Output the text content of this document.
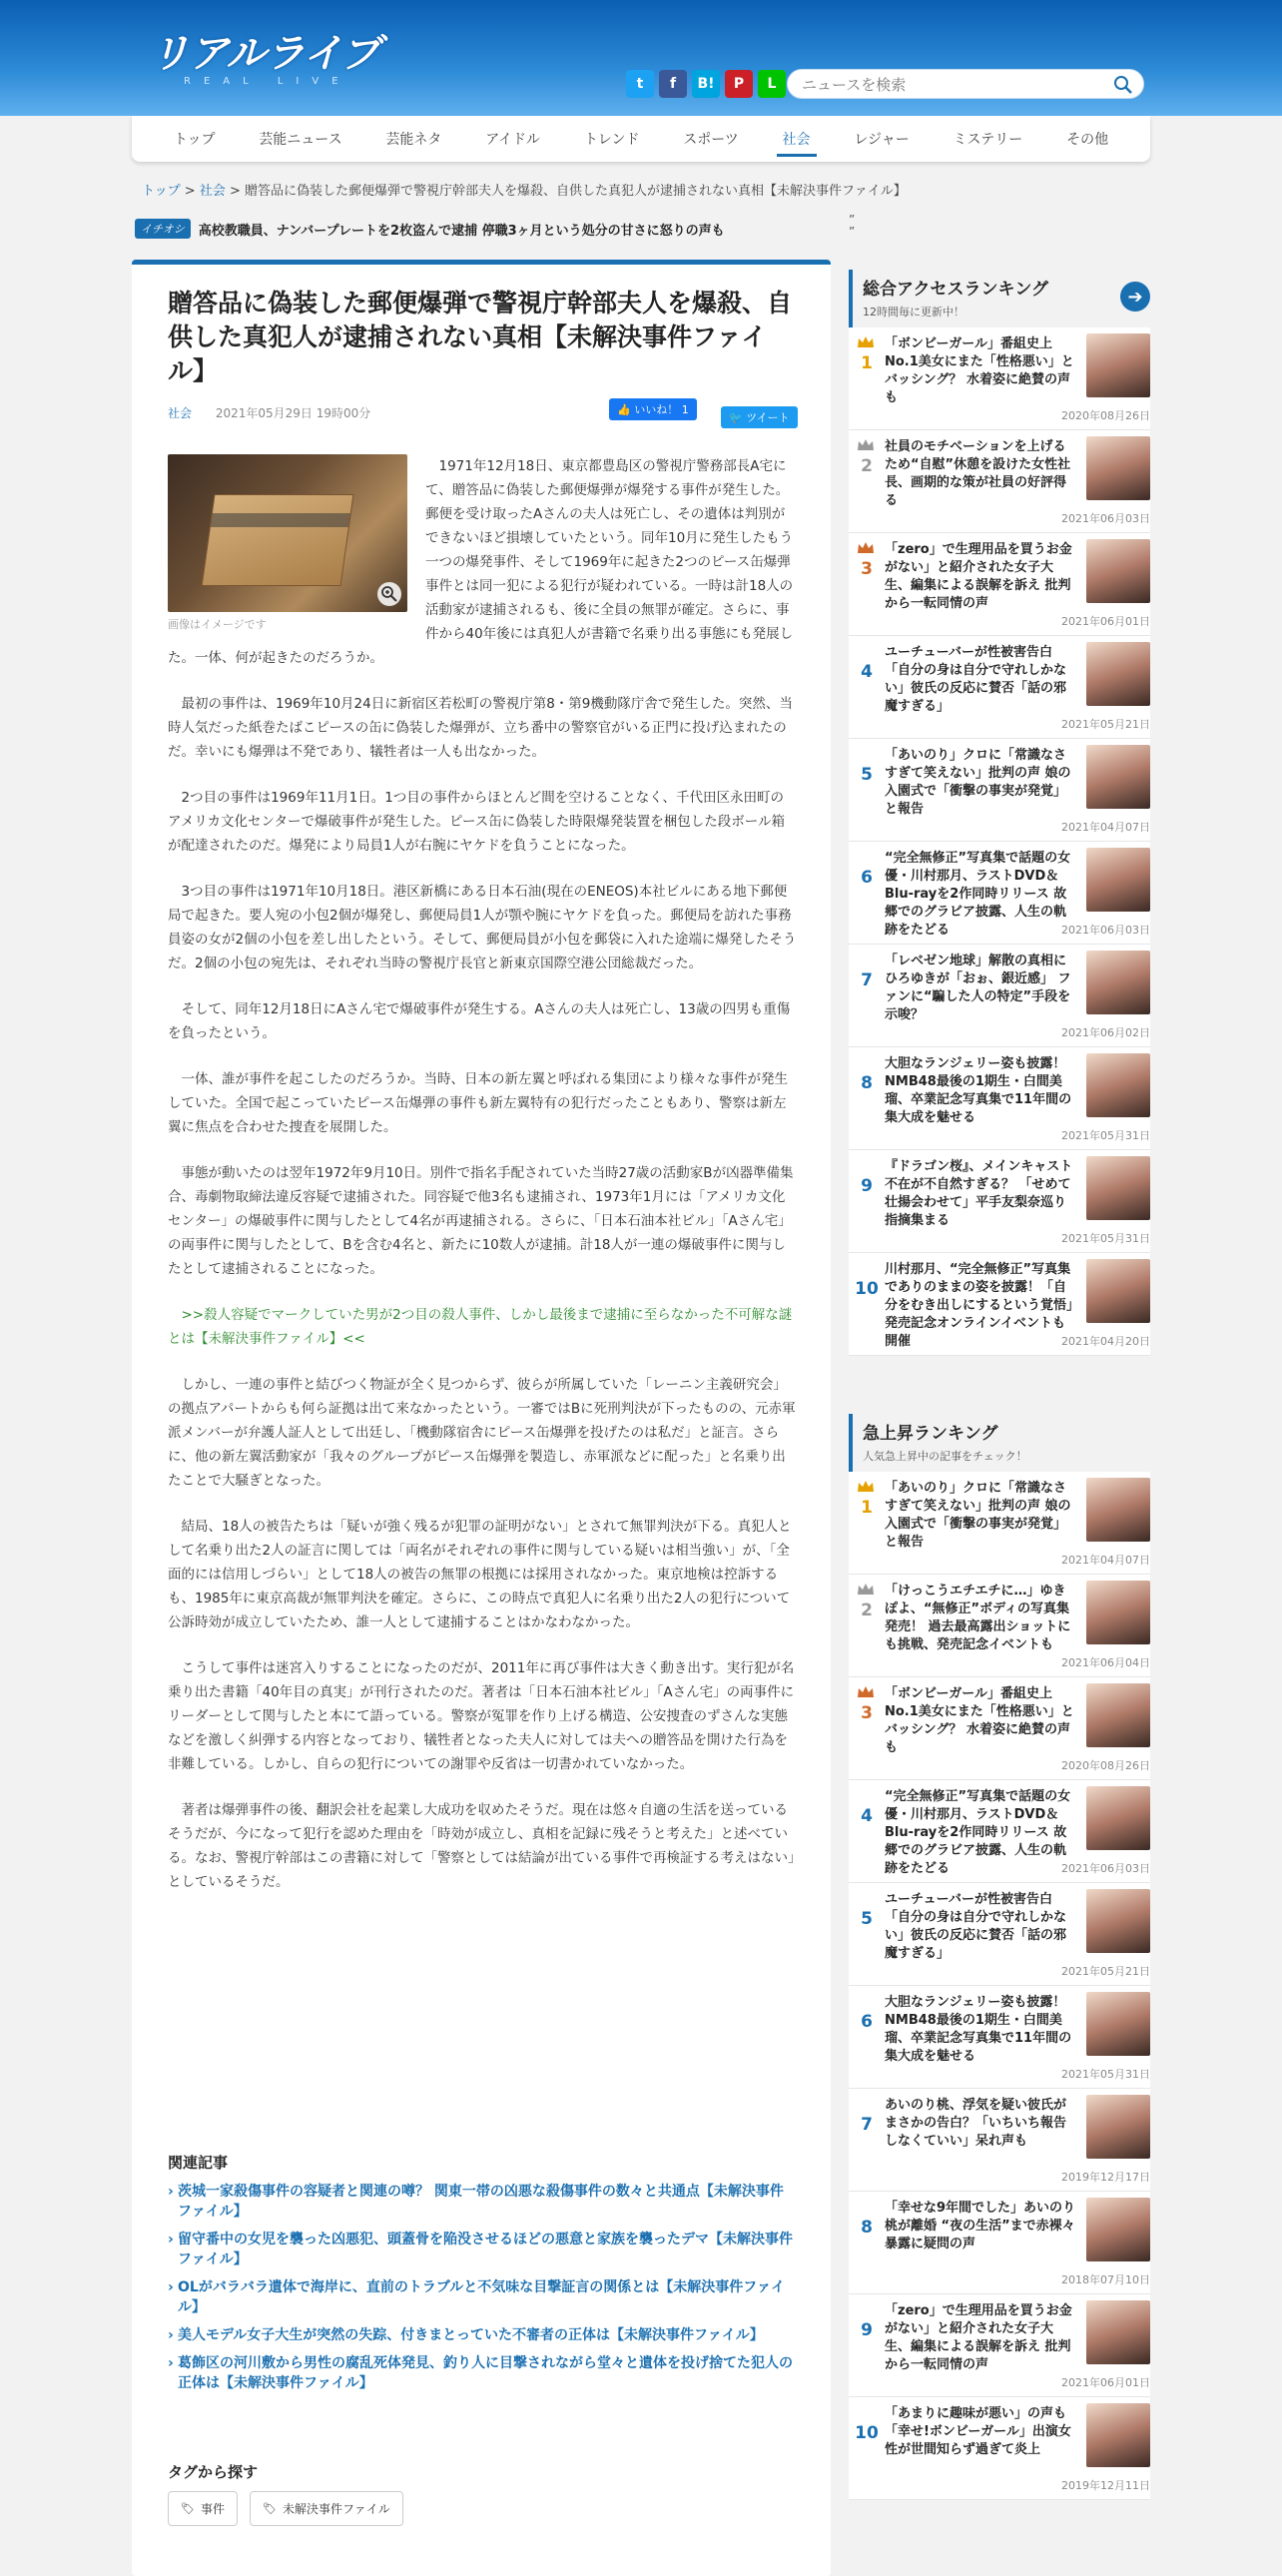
リアルライブ
REAL LIVE	t	f	B!	P	L
ニュースを検索
トップ	芸能ニュース	芸能ネタ	アイドル	トレンド	スポーツ	社会	レジャー	ミステリー	その他
トップ > 社会 > 贈答品に偽装した郵便爆弾で警視庁幹部夫人を爆殺、自供した真犯人が逮捕されない真相【未解決事件ファイル】
イチオシ	高校教職員、ナンバープレートを2枚盗んで逮捕 停職3ヶ月という処分の甘さに怒りの声も
”
”
贈答品に偽装した郵便爆弾で警視庁幹部夫人を爆殺、自供した真犯人が逮捕されない真相【未解決事件ファイル】
社会 2021年05月29日 19時00分	👍 いいね！ 1
🐦 ツイート
画像はイメージです

1971年12月18日、東京都豊島区の警視庁警務部長A宅にて、贈答品に偽装した郵便爆弾が爆発する事件が発生した。郵便を受け取ったAさんの夫人は死亡し、その遺体は判別ができないほど損壊していたという。同年10月に発生したもう一つの爆発事件、そして1969年に起きた2つのピース缶爆弾事件とは同一犯による犯行が疑われている。一時は計18人の活動家が逮捕されるも、後に全員の無罪が確定。さらに、事件から40年後には真犯人が書籍で名乗り出る事態にも発展した。一体、何が起きたのだろうか。

最初の事件は、1969年10月24日に新宿区若松町の警視庁第8・第9機動隊庁舎で発生した。突然、当時人気だった紙巻たばこピースの缶に偽装した爆弾が、立ち番中の警察官がいる正門に投げ込まれたのだ。幸いにも爆弾は不発であり、犠牲者は一人も出なかった。

2つ目の事件は1969年11月1日。1つ目の事件からほとんど間を空けることなく、千代田区永田町のアメリカ文化センターで爆破事件が発生した。ピース缶に偽装した時限爆発装置を梱包した段ボール箱が配達されたのだ。爆発により局員1人が右腕にヤケドを負うことになった。

3つ目の事件は1971年10月18日。港区新橋にある日本石油(現在のENEOS)本社ビルにある地下郵便局で起きた。要人宛の小包2個が爆発し、郵便局員1人が顎や腕にヤケドを負った。郵便局を訪れた事務員姿の女が2個の小包を差し出したという。そして、郵便局員が小包を郵袋に入れた途端に爆発したそうだ。2個の小包の宛先は、それぞれ当時の警視庁長官と新東京国際空港公団総裁だった。

そして、同年12月18日にAさん宅で爆破事件が発生する。Aさんの夫人は死亡し、13歳の四男も重傷を負ったという。

一体、誰が事件を起こしたのだろうか。当時、日本の新左翼と呼ばれる集団により様々な事件が発生していた。全国で起こっていたピース缶爆弾の事件も新左翼特有の犯行だったこともあり、警察は新左翼に焦点を合わせた捜査を展開した。

事態が動いたのは翌年1972年9月10日。別件で指名手配されていた当時27歳の活動家Bが凶器準備集合、毒劇物取締法違反容疑で逮捕された。同容疑で他3名も逮捕され、1973年1月には「アメリカ文化センター」の爆破事件に関与したとして4名が再逮捕される。さらに、「日本石油本社ビル」「Aさん宅」の両事件に関与したとして、Bを含む4名と、新たに10数人が逮捕。計18人が一連の爆破事件に関与したとして逮捕されることになった。

>>殺人容疑でマークしていた男が2つ目の殺人事件、しかし最後まで逮捕に至らなかった不可解な謎とは【未解決事件ファイル】<<

しかし、一連の事件と結びつく物証が全く見つからず、彼らが所属していた「レーニン主義研究会」の拠点アパートからも何ら証拠は出て来なかったという。一審ではBに死刑判決が下ったものの、元赤軍派メンバーが弁護人証人として出廷し、「機動隊宿舎にピース缶爆弾を投げたのは私だ」と証言。さらに、他の新左翼活動家が「我々のグループがピース缶爆弾を製造し、赤軍派などに配った」と名乗り出たことで大騒ぎとなった。

結局、18人の被告たちは「疑いが強く残るが犯罪の証明がない」とされて無罪判決が下る。真犯人として名乗り出た2人の証言に関しては「両名がそれぞれの事件に関与している疑いは相当強い」が、「全面的には信用しづらい」として18人の被告の無罪の根拠には採用されなかった。東京地検は控訴するも、1985年に東京高裁が無罪判決を確定。さらに、この時点で真犯人に名乗り出た2人の犯行について公訴時効が成立していたため、誰一人として逮捕することはかなわなかった。

こうして事件は迷宮入りすることになったのだが、2011年に再び事件は大きく動き出す。実行犯が名乗り出た書籍「40年目の真実」が刊行されたのだ。著者は「日本石油本社ビル」「Aさん宅」の両事件にリーダーとして関与したと本にて語っている。警察が冤罪を作り上げる構造、公安捜査のずさんな実態などを激しく糾弾する内容となっており、犠牲者となった夫人に対しては夫への贈答品を開けた行為を非難している。しかし、自らの犯行についての謝罪や反省は一切書かれていなかった。

著者は爆弾事件の後、翻訳会社を起業し大成功を収めたそうだ。現在は悠々自適の生活を送っているそうだが、今になって犯行を認めた理由を「時効が成立し、真相を記録に残そうと考えた」と述べている。なお、警視庁幹部はこの書籍に対して「警察としては結論が出ている事件で再検証する考えはない」としているそうだ。

関連記事
› 茨城一家殺傷事件の容疑者と関連の噂？ 関東一帯の凶悪な殺傷事件の数々と共通点【未解決事件ファイル】
› 留守番中の女児を襲った凶悪犯、頭蓋骨を陥没させるほどの悪意と家族を襲ったデマ【未解決事件ファイル】
› OLがバラバラ遺体で海岸に、直前のトラブルと不気味な目撃証言の関係とは【未解決事件ファイル】
› 美人モデル女子大生が突然の失踪、付きまとっていた不審者の正体は【未解決事件ファイル】
› 葛飾区の河川敷から男性の腐乱死体発見、釣り人に目撃されながら堂々と遺体を投げ捨てた犯人の正体は【未解決事件ファイル】
タグから探す
🏷 事件	🏷 未解決事件ファイル
総合アクセスランキング
12時間毎に更新中！
➔
1
「ボンビーガール」番組史上No.1美女にまた「性格悪い」とバッシング？ 水着姿に絶賛の声も
2020年08月26日
2
社員のモチベーションを上げるため“自慰”休憩を設けた女性社長、画期的な策が社員の好評得る
2021年06月03日
3
「zero」で生理用品を買うお金がない」と紹介された女子大生、編集による誤解を訴え 批判から一転同情の声
2021年06月01日
4
ユーチューバーが性被害告白「自分の身は自分で守れしかない」彼氏の反応に賛否「話の邪魔すぎる」
2021年05月21日
5
「あいのり」クロに「常識なさすぎて笑えない」批判の声 娘の入園式で「衝撃の事実が発覚」と報告
2021年04月07日
6
“完全無修正”写真集で話題の女優・川村那月、ラストDVD＆Blu-rayを2作同時リリース 故郷でのグラビア披露、人生の軌跡をたどる	2021年06月03日
7
「レベゼン地球」解散の真相にひろゆきが「おぉ、銀近感」 ファンに“騙した人の特定”手段を示唆？
2021年06月02日
8
大胆なランジェリー姿も披露！ NMB48最後の1期生・白間美瑠、卒業記念写真集で11年間の集大成を魅せる
2021年05月31日
9
『ドラゴン桜』、メインキャスト不在が不自然すぎる？ 「せめて壮揚会わせて」平手友梨奈巡り指摘集まる
2021年05月31日
10
川村那月、“完全無修正”写真集でありのままの姿を披露！「自分をむき出しにするという覚悟」発売記念オンラインイベントも開催	2021年04月20日
急上昇ランキング
人気急上昇中の記事をチェック！
1
「あいのり」クロに「常識なさすぎて笑えない」批判の声 娘の入園式で「衝撃の事実が発覚」と報告
2021年04月07日
2
「けっこうエチエチに…」ゆきぽよ、“無修正”ボディの写真集発売！ 過去最高露出ショットにも挑戦、発売記念イベントも
2021年06月04日
3
「ボンビーガール」番組史上No.1美女にまた「性格悪い」とバッシング？ 水着姿に絶賛の声も
2020年08月26日
4
“完全無修正”写真集で話題の女優・川村那月、ラストDVD＆Blu-rayを2作同時リリース 故郷でのグラビア披露、人生の軌跡をたどる	2021年06月03日
5
ユーチューバーが性被害告白「自分の身は自分で守れしかない」彼氏の反応に賛否「話の邪魔すぎる」
2021年05月21日
6
大胆なランジェリー姿も披露！ NMB48最後の1期生・白間美瑠、卒業記念写真集で11年間の集大成を魅せる
2021年05月31日
7
あいのり桃、浮気を疑い彼氏がまさかの告白？「いちいち報告しなくていい」呆れ声も
2019年12月17日
8
「幸せな9年間でした」あいのり桃が離婚 “夜の生活”まで赤裸々暴露に疑問の声
2018年07月10日
9
「zero」で生理用品を買うお金がない」と紹介された女子大生、編集による誤解を訴え 批判から一転同情の声
2021年06月01日
10
「あまりに趣味が悪い」の声も「幸せ!ボンビーガール」出演女性が世間知らず過ぎて炎上
2019年12月11日
